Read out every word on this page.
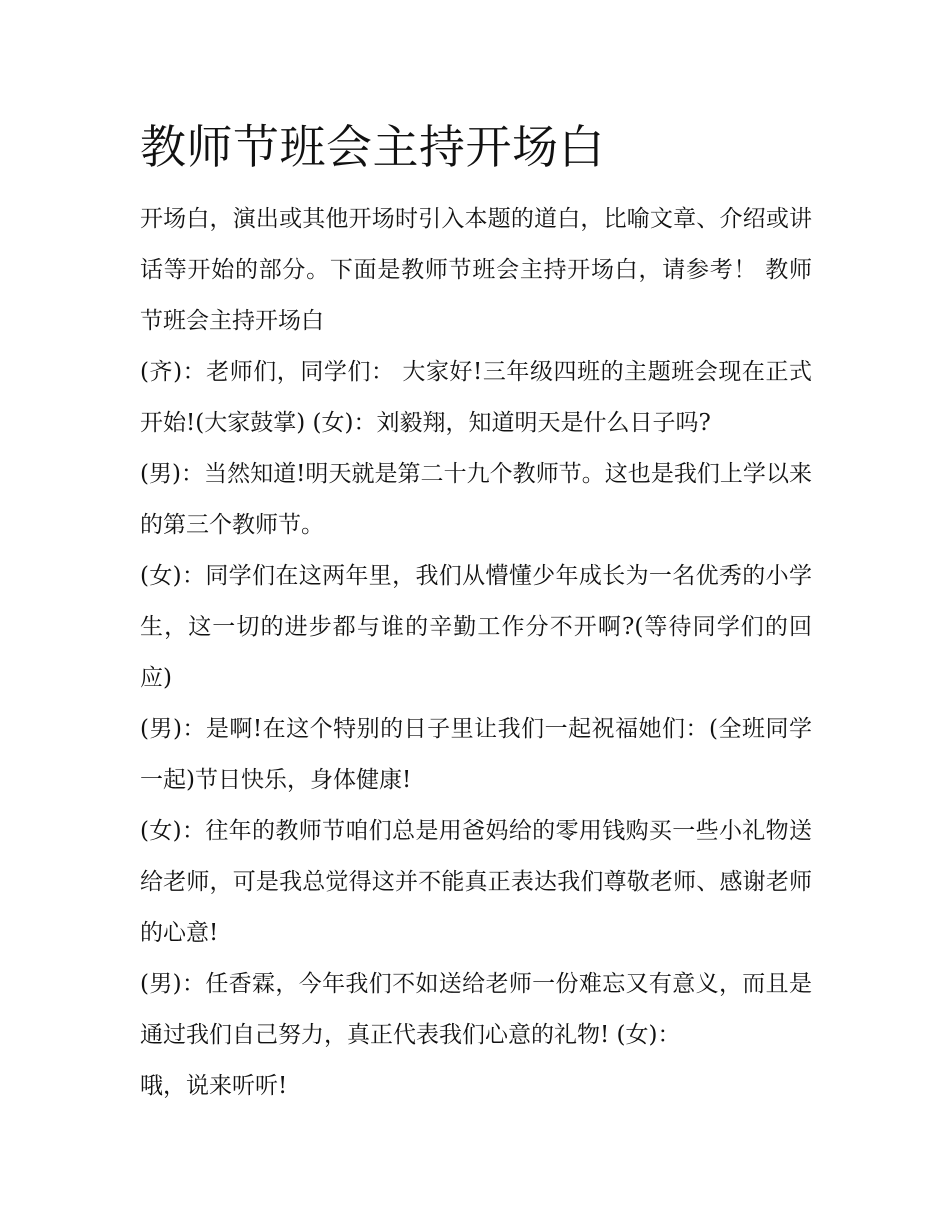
教师节班会主持开场白

开场白，演出或其他开场时引入本题的道白，比喻文章、介绍或讲话等开始的部分。下面是教师节班会主持开场白，请参考！ 教师节班会主持开场白

(齐)：老师们，同学们： 大家好!三年级四班的主题班会现在正式开始!(大家鼓掌) (女)：刘毅翔，知道明天是什么日子吗?

(男)：当然知道!明天就是第二十九个教师节。这也是我们上学以来的第三个教师节。

(女)：同学们在这两年里，我们从懵懂少年成长为一名优秀的小学生，这一切的进步都与谁的辛勤工作分不开啊?(等待同学们的回应)

(男)：是啊!在这个特别的日子里让我们一起祝福她们：(全班同学一起)节日快乐，身体健康!

(女)：往年的教师节咱们总是用爸妈给的零用钱购买一些小礼物送给老师，可是我总觉得这并不能真正表达我们尊敬老师、感谢老师的心意!

(男)：任香霖，今年我们不如送给老师一份难忘又有意义，而且是通过我们自己努力，真正代表我们心意的礼物! (女)：

哦，说来听听!
